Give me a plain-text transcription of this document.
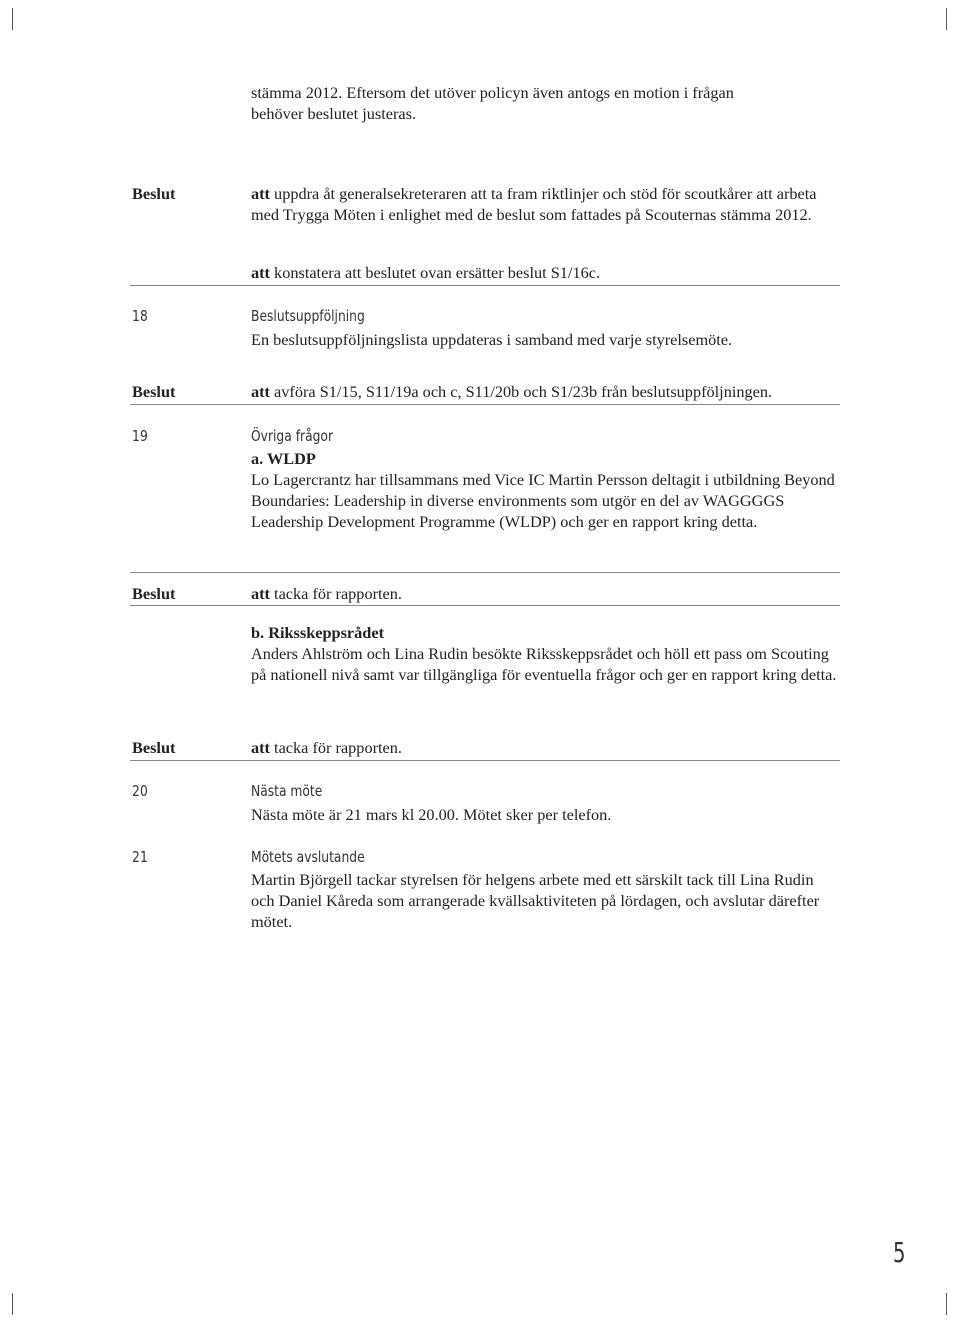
stämma 2012. Eftersom det utöver policyn även antogs en motion i frågan
behöver beslutet justeras.
Beslut	att uppdra åt generalsekreteraren att ta fram riktlinjer och stöd för scoutkårer att arbeta med Trygga Möten i enlighet med de beslut som fattades på Scouternas stämma 2012.
att konstatera att beslutet ovan ersätter beslut S1/16c.
18	Beslutsuppföljning
En beslutsuppföljningslista uppdateras i samband med varje styrelsemöte.
Beslut	att avföra S1/15, S11/19a och c, S11/20b och S1/23b från beslutsuppföljningen.
19	Övriga frågor
a. WLDP
Lo Lagercrantz har tillsammans med Vice IC Martin Persson deltagit i utbildning Beyond Boundaries: Leadership in diverse environments som utgör en del av WAGGGGS Leadership Development Programme (WLDP) och ger en rapport kring detta.
Beslut	att tacka för rapporten.
b. Riksskeppsrådet
Anders Ahlström och Lina Rudin besökte Riksskeppsrådet och höll ett pass om Scouting på nationell nivå samt var tillgängliga för eventuella frågor och ger en rapport kring detta.
Beslut	att tacka för rapporten.
20	Nästa möte
Nästa möte är 21 mars kl 20.00. Mötet sker per telefon.
21	Mötets avslutande
Martin Björgell tackar styrelsen för helgens arbete med ett särskilt tack till Lina Rudin och Daniel Kåreda som arrangerade kvällsaktiviteten på lördagen, och avslutar därefter mötet.
5
